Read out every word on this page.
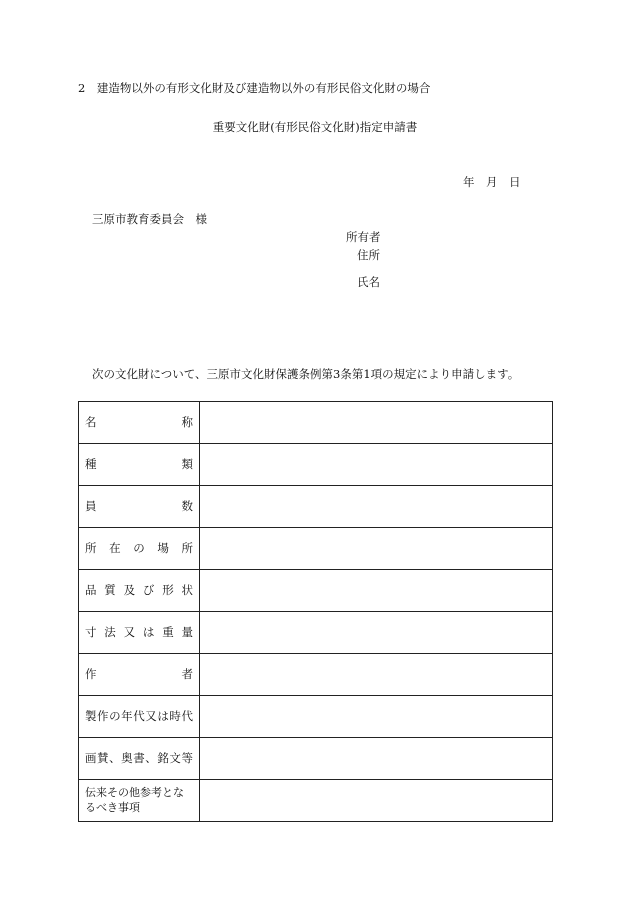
2　建造物以外の有形文化財及び建造物以外の有形民俗文化財の場合
重要文化財(有形民俗文化財)指定申請書
年　月　日
三原市教育委員会　様
所有者
住所
氏名
次の文化財について、三原市文化財保護条例第3条第1項の規定により申請します。
名称	

種類	

員数	

所在の場所	

品質及び形状	

寸法又は重量	

作者	

製作の年代又は時代	

画賛、奥書、銘文等	

伝来その他参考となるべき事項	
